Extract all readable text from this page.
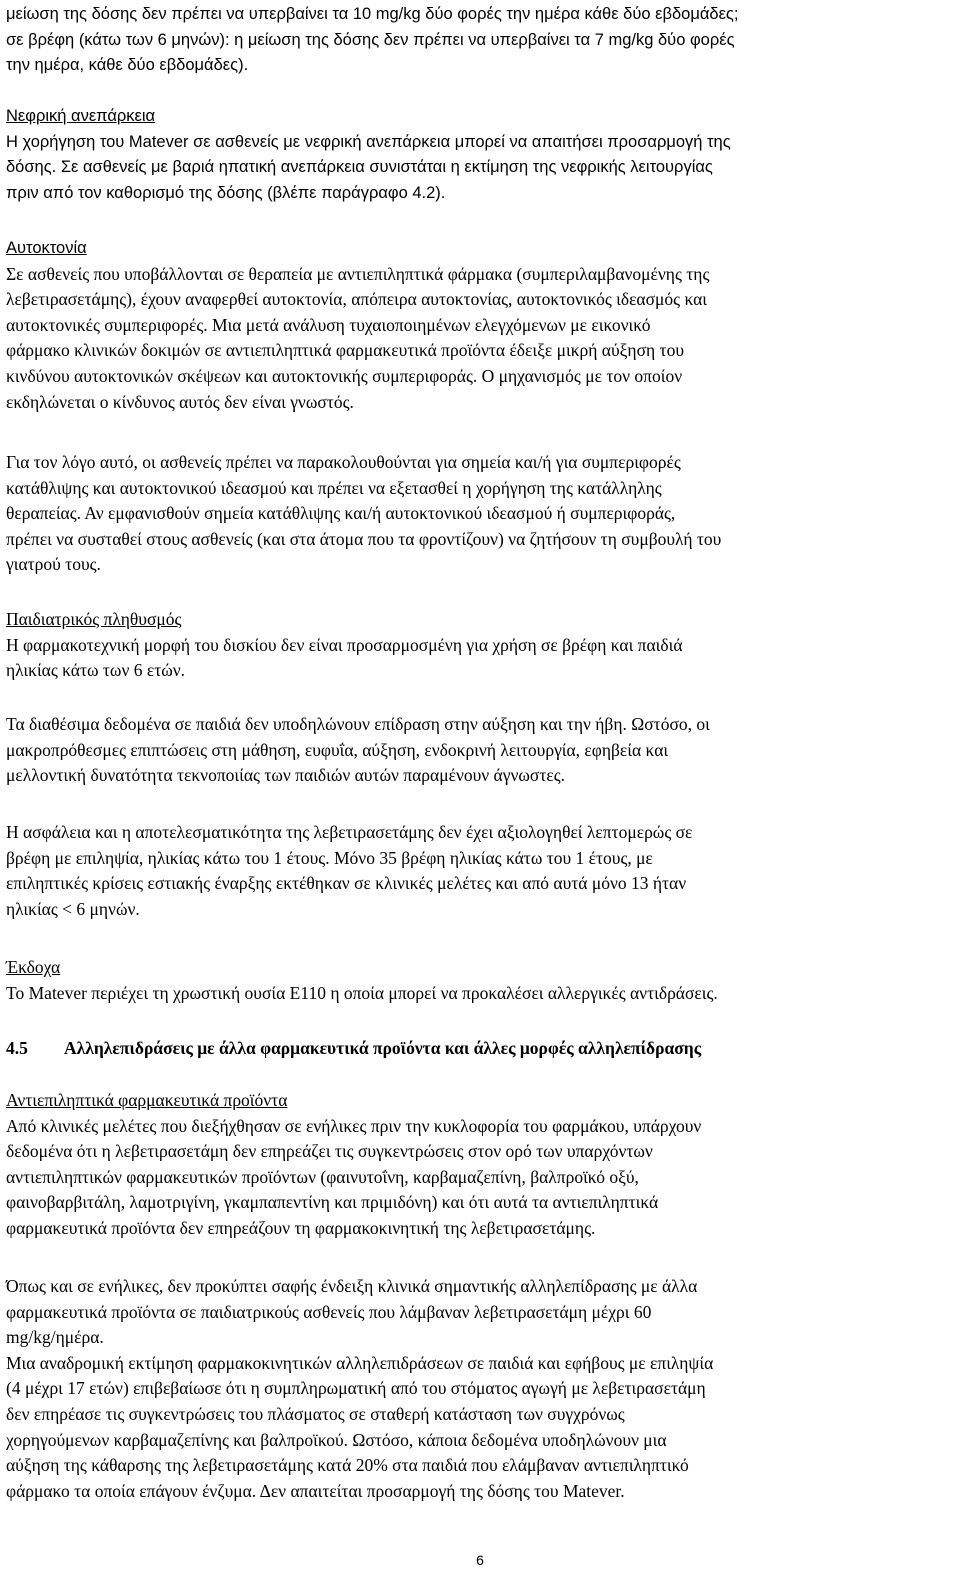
μείωση της δόσης δεν πρέπει να υπερβαίνει τα 10 mg/kg δύο φορές την ημέρα κάθε δύο εβδομάδες;

σε βρέφη (κάτω των 6 μηνών): η μείωση της δόσης δεν πρέπει να υπερβαίνει τα 7 mg/kg δύο φορές

την ημέρα, κάθε δύο εβδομάδες).

Νεφρική ανεπάρκεια

Η χορήγηση του Matever σε ασθενείς με νεφρική ανεπάρκεια μπορεί να απαιτήσει προσαρμογή της

δόσης. Σε ασθενείς με βαριά ηπατική ανεπάρκεια συνιστάται η εκτίμηση της νεφρικής λειτουργίας

πριν από τον καθορισμό της δόσης (βλέπε παράγραφο 4.2).

Αυτοκτονία

Σε ασθενείς που υποβάλλονται σε θεραπεία με αντιεπιληπτικά φάρμακα (συμπεριλαμβανομένης της

λεβετιρασετάμης), έχουν αναφερθεί αυτοκτονία, απόπειρα αυτοκτονίας, αυτοκτονικός ιδεασμός και

αυτοκτονικές συμπεριφορές. Μια μετά ανάλυση τυχαιοποιημένων ελεγχόμενων με εικονικό

φάρμακο κλινικών δοκιμών σε αντιεπιληπτικά φαρμακευτικά προϊόντα έδειξε μικρή αύξηση του

κινδύνου αυτοκτονικών σκέψεων και αυτοκτονικής συμπεριφοράς. Ο μηχανισμός με τον οποίον

εκδηλώνεται ο κίνδυνος αυτός δεν είναι γνωστός.

Για τον λόγο αυτό, οι ασθενείς πρέπει να παρακολουθούνται για σημεία και/ή για συμπεριφορές

κατάθλιψης και αυτοκτονικού ιδεασμού και πρέπει να εξετασθεί η χορήγηση της κατάλληλης

θεραπείας. Αν εμφανισθούν σημεία κατάθλιψης και/ή αυτοκτονικού ιδεασμού ή συμπεριφοράς,

πρέπει να συσταθεί στους ασθενείς (και στα άτομα που τα φροντίζουν) να ζητήσουν τη συμβουλή του

γιατρού τους.

Παιδιατρικός πληθυσμός

Η φαρμακοτεχνική μορφή του δισκίου δεν είναι προσαρμοσμένη για χρήση σε βρέφη και παιδιά

ηλικίας κάτω των 6 ετών.

Τα διαθέσιμα δεδομένα σε παιδιά δεν υποδηλώνουν επίδραση στην αύξηση και την ήβη. Ωστόσο, οι

μακροπρόθεσμες επιπτώσεις στη μάθηση, ευφυΐα, αύξηση, ενδοκρινή λειτουργία, εφηβεία και

μελλοντική δυνατότητα τεκνοποιίας των παιδιών αυτών παραμένουν άγνωστες.

Η ασφάλεια και η αποτελεσματικότητα της λεβετιρασετάμης δεν έχει αξιολογηθεί λεπτομερώς σε

βρέφη με επιληψία, ηλικίας κάτω του 1 έτους. Μόνο 35 βρέφη ηλικίας κάτω του 1 έτους, με

επιληπτικές κρίσεις εστιακής έναρξης εκτέθηκαν σε κλινικές μελέτες και από αυτά μόνο 13 ήταν

ηλικίας < 6 μηνών.

Έκδοχα

Το Matever περιέχει τη χρωστική ουσία E110 η οποία μπορεί να προκαλέσει αλλεργικές αντιδράσεις.

4.5 Αλληλεπιδράσεις με άλλα φαρμακευτικά προϊόντα και άλλες μορφές αλληλεπίδρασης

Αντιεπιληπτικά φαρμακευτικά προϊόντα

Από κλινικές μελέτες που διεξήχθησαν σε ενήλικες πριν την κυκλοφορία του φαρμάκου, υπάρχουν

δεδομένα ότι η λεβετιρασετάμη δεν επηρεάζει τις συγκεντρώσεις στον ορό των υπαρχόντων

αντιεπιληπτικών φαρμακευτικών προϊόντων (φαινυτοΐνη, καρβαμαζεπίνη, βαλπροϊκό οξύ,

φαινοβαρβιτάλη, λαμοτριγίνη, γκαμπαπεντίνη και πριμιδόνη) και ότι αυτά τα αντιεπιληπτικά

φαρμακευτικά προϊόντα δεν επηρεάζουν τη φαρμακοκινητική της λεβετιρασετάμης.

Όπως και σε ενήλικες, δεν προκύπτει σαφής ένδειξη κλινικά σημαντικής αλληλεπίδρασης με άλλα

φαρμακευτικά προϊόντα σε παιδιατρικούς ασθενείς που λάμβαναν λεβετιρασετάμη μέχρι 60

mg/kg/ημέρα.

Μια αναδρομική εκτίμηση φαρμακοκινητικών αλληλεπιδράσεων σε παιδιά και εφήβους με επιληψία

(4 μέχρι 17 ετών) επιβεβαίωσε ότι η συμπληρωματική από του στόματος αγωγή με λεβετιρασετάμη

δεν επηρέασε τις συγκεντρώσεις του πλάσματος σε σταθερή κατάσταση των συγχρόνως

χορηγούμενων καρβαμαζεπίνης και βαλπροϊκού. Ωστόσο, κάποια δεδομένα υποδηλώνουν μια

αύξηση της κάθαρσης της λεβετιρασετάμης κατά 20% στα παιδιά που ελάμβαναν αντιεπιληπτικό

φάρμακο τα οποία επάγουν ένζυμα. Δεν απαιτείται προσαρμογή της δόσης του Matever.

6
